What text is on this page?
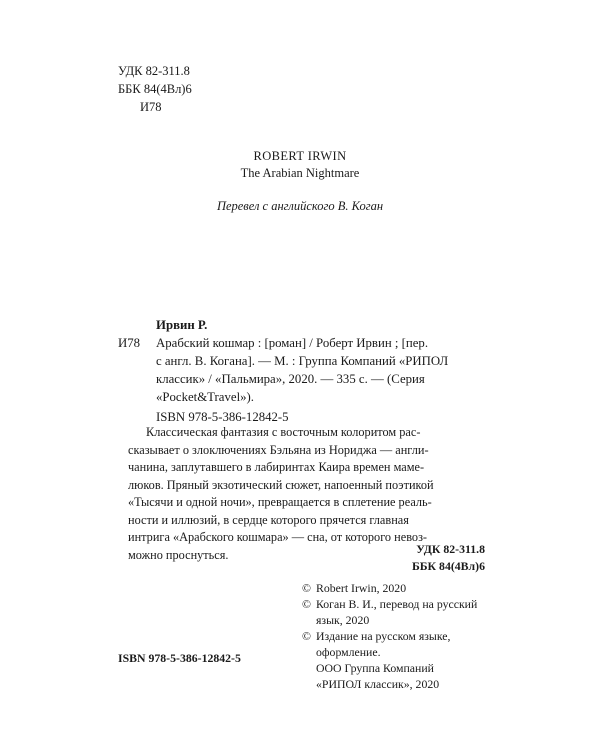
УДК 82-311.8
ББК 84(4Вл)6
И78
ROBERT IRWIN
The Arabian Nightmare
Перевел с английского В. Коган
Ирвин Р.
И78 Арабский кошмар : [роман] / Роберт Ирвин ; [пер.
с англ. В. Когана]. — М. : Группа Компаний «РИПОЛ
классик» / «Пальмира», 2020. — 335 с. — (Серия
«Pocket&Travel»).
ISBN 978-5-386-12842-5
Классическая фантазия с восточным колоритом рас-
сказывает о злоключениях Бэльяна из Нориджа — англи-
чанина, заплутавшего в лабиринтах Каира времен маме-
люков. Пряный экзотический сюжет, напоенный поэтикой
«Тысячи и одной ночи», превращается в сплетение реаль-
ности и иллюзий, в сердце которого прячется главная
интрига «Арабского кошмара» — сна, от которого невоз-
можно проснуться.	УДК 82-311.8
ББК 84(4Вл)6
© Robert Irwin, 2020
© Коган В. И., перевод на русский
язык, 2020
© Издание на русском языке,
оформление.
ООО Группа Компаний
«РИПОЛ классик», 2020
ISBN 978-5-386-12842-5
